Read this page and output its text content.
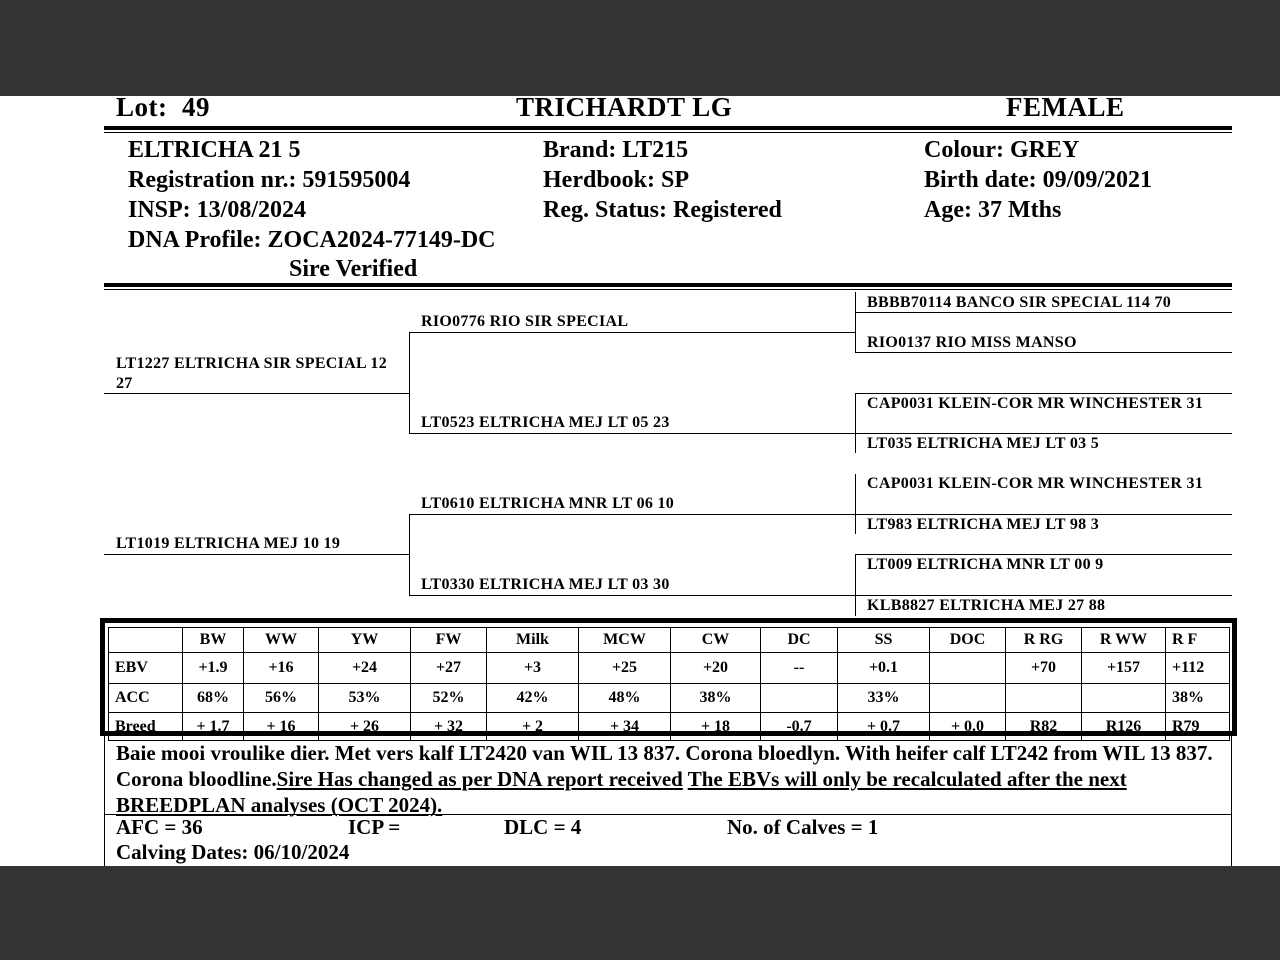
Lot: 49	TRICHARDT LG	FEMALE
ELTRICHA 21 5
Registration nr.: 591595004
INSP: 13/08/2024
DNA Profile: ZOCA2024-77149-DC
Sire Verified
Brand: LT215
Herdbook: SP
Reg. Status: Registered
Colour: GREY
Birth date: 09/09/2021
Age: 37 Mths
LT1227 ELTRICHA SIR SPECIAL 12 27
RIO0776 RIO SIR SPECIAL
LT0523 ELTRICHA MEJ LT 05 23
LT1019 ELTRICHA MEJ 10 19
LT0610 ELTRICHA MNR LT 06 10
LT0330 ELTRICHA MEJ LT 03 30
BBBB70114 BANCO SIR SPECIAL 114 70
RIO0137 RIO MISS MANSO
CAP0031 KLEIN-COR MR WINCHESTER 31
LT035 ELTRICHA MEJ LT 03 5
CAP0031 KLEIN-COR MR WINCHESTER 31
LT983 ELTRICHA MEJ LT 98 3
LT009 ELTRICHA MNR LT 00 9
KLB8827 ELTRICHA MEJ 27 88
	BW	WW	YW	FW	Milk	MCW	CW	DC	SS	DOC	R RG	R WW	R F
EBV	+1.9	+16	+24	+27	+3	+25	+20	--	+0.1		+70	+157	+112
ACC	68%	56%	53%	52%	42%	48%	38%		33%				38%
Breed	+ 1.7	+ 16	+ 26	+ 32	+ 2	+ 34	+ 18	-0.7	+ 0.7	+ 0.0	R82	R126	R79
Baie mooi vroulike dier. Met vers kalf LT2420 van WIL 13 837. Corona bloedlyn. With heifer calf LT242 from WIL 13 837. Corona bloodline.Sire Has changed as per DNA report received The EBVs will only be recalculated after the next BREEDPLAN analyses (OCT 2024).
AFC = 36	ICP =	DLC = 4	No. of Calves = 1
Calving Dates: 06/10/2024
